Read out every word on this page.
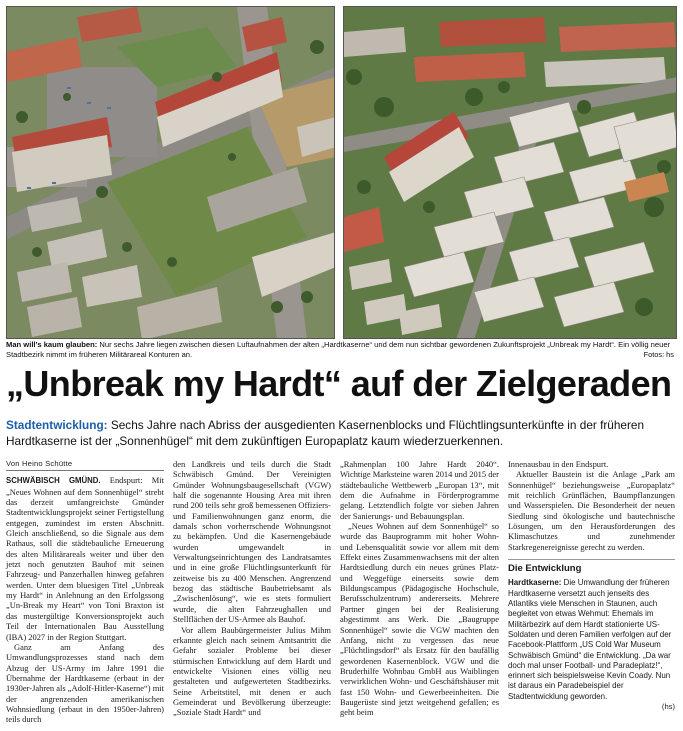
Man will’s kaum glauben: Nur sechs Jahre liegen zwischen diesen Luftaufnahmen der alten „Hardtkaserne“ und dem nun sichtbar gewordenen Zukunftsprojekt „Unbreak my Hardt“. Ein völlig neuer Stadtbezirk nimmt im früheren Militärareal Konturen an.	Fotos: hs
„Unbreak my Hardt“ auf der Zielgeraden
Stadtentwicklung: Sechs Jahre nach Abriss der ausgedienten Kasernenblocks und Flüchtlingsunterkünfte in der früheren Hardtkaserne ist der „Sonnenhügel“ mit dem zukünftigen Europaplatz kaum wiederzuerkennen.
Von Heino Schütte

SCHWÄBISCH GMÜND. Endspurt: Mit „Neues Wohnen auf dem Sonnenhügel“ strebt das derzeit umfangreichste Gmünder Stadtentwicklungsprojekt seiner Fertigstellung entgegen, zumindest im ersten Abschnitt. Gleich anschließend, so die Signale aus dem Rathaus, soll die städtebauliche Erneuerung des alten Militärareals weiter und über den jetzt noch genutzten Bauhof mit seinen Fahrzeug- und Panzerhallen hinweg gefahren werden. Unter dem bluesigen Titel „Unbreak my Hardt“ in Anlehnung an den Erfolgssong „Un-Break my Heart“ von Toni Braxton ist das mustergültige Konversionsprojekt auch Teil der Internationalen Bau Ausstellung (IBA) 2027 in der Region Stuttgart.

Ganz am Anfang des Umwandlungsprozesses stand nach dem Abzug der US-Army im Jahre 1991 die Übernahme der Hardtkaserne (erbaut in der 1930er-Jahren als „Adolf-Hitler-Kaserne“) mit der angrenzenden amerikanischen Wohnsiedlung (erbaut in den 1950er-Jahren) teils durch

den Landkreis und teils durch die Stadt Schwäbisch Gmünd. Der Vereinigten Gmünder Wohnungsbaugesellschaft (VGW) half die sogenannte Housing Area mit ihren rund 200 teils sehr groß bemessenen Offiziers- und Familienwohnungen ganz enorm, die damals schon vorherrschende Wohnungsnot zu bekämpfen. Und die Kasernengebäude wurden umgewandelt in Verwaltungseinrichtungen des Landratsamtes und in eine große Flüchtlingsunterkunft für zeitweise bis zu 400 Menschen. Angrenzend bezog das städtische Baubetriebsamt als „Zwischenlösung“, wie es stets formuliert wurde, die alten Fahrzeughallen und Stellflächen der US-Armee als Bauhof.

Vor allem Baubürgermeister Julius Mihm erkannte gleich nach seinem Amtsantritt die Gefahr sozialer Probleme bei dieser stürmischen Entwicklung auf dem Hardt und entwickelte Visionen eines völlig neu gestalteten und aufgewerteten Stadtbezirks. Seine Arbeitstitel, mit denen er auch Gemeinderat und Bevölkerung überzeugte: „Soziale Stadt Hardt“ und

„Rahmenplan 100 Jahre Hardt 2040“. Wichtige Marksteine waren 2014 und 2015 der städtebauliche Wettbewerb „Europan 13“, mit dem die Aufnahme in Förderprogramme gelang. Letztendlich folgte vor sieben Jahren der Sanierungs- und Bebauungsplan.

„Neues Wohnen auf dem Sonnenhügel“ so wurde das Bauprogramm mit hoher Wohn- und Lebensqualität sowie vor allem mit dem Effekt eines Zusammenwachsens mit der alten Hardtsiedlung durch ein neues grünes Platz- und Weggefüge einerseits sowie dem Bildungscampus (Pädagogische Hochschule, Berufsschulzentrum) andererseits. Mehrere Partner gingen bei der Realisierung abgestimmt ans Werk. Die „Baugruppe Sonnenhügel“ sowie die VGW machten den Anfang, nicht zu vergessen das neue „Flüchtlingsdorf“ als Ersatz für den baufällig gewordenen Kasernenblock. VGW und die Bruderhilfe Wohnbau GmbH aus Waiblingen verwirklichen Wohn- und Geschäftshäuser mit fast 150 Wohn- und Gewerbeeinheiten. Die Baugerüste sind jetzt weitgehend gefallen; es geht beim

Innenausbau in den Endspurt.

Aktueller Baustein ist die Anlage „Park am Sonnenhügel“ beziehungsweise „Europaplatz“ mit reichlich Grünflächen, Baumpflanzungen und Wasserspielen. Die Besonderheit der neuen Siedlung sind ökologische und bautechnische Lösungen, um den Herausforderungen des Klimaschutzes und zunehmender Starkregenereignisse gerecht zu werden.

Die Entwicklung
Hardtkaserne: Die Umwandlung der früheren Hardtkaserne versetzt auch jenseits des Atlantiks viele Menschen in Staunen, auch begleitet von etwas Wehmut: Ehemals im Militärbezirk auf dem Hardt stationierte US-Soldaten und deren Familien verfolgen auf der Facebook-Plattform „US Cold War Museum Schwäbisch Gmünd“ die Entwicklung. „Da war doch mal unser Football- und Paradeplatz!“, erinnert sich beispielsweise Kevin Coady. Nun ist daraus ein Paradebeispiel der Stadtentwicklung geworden.
(hs)
